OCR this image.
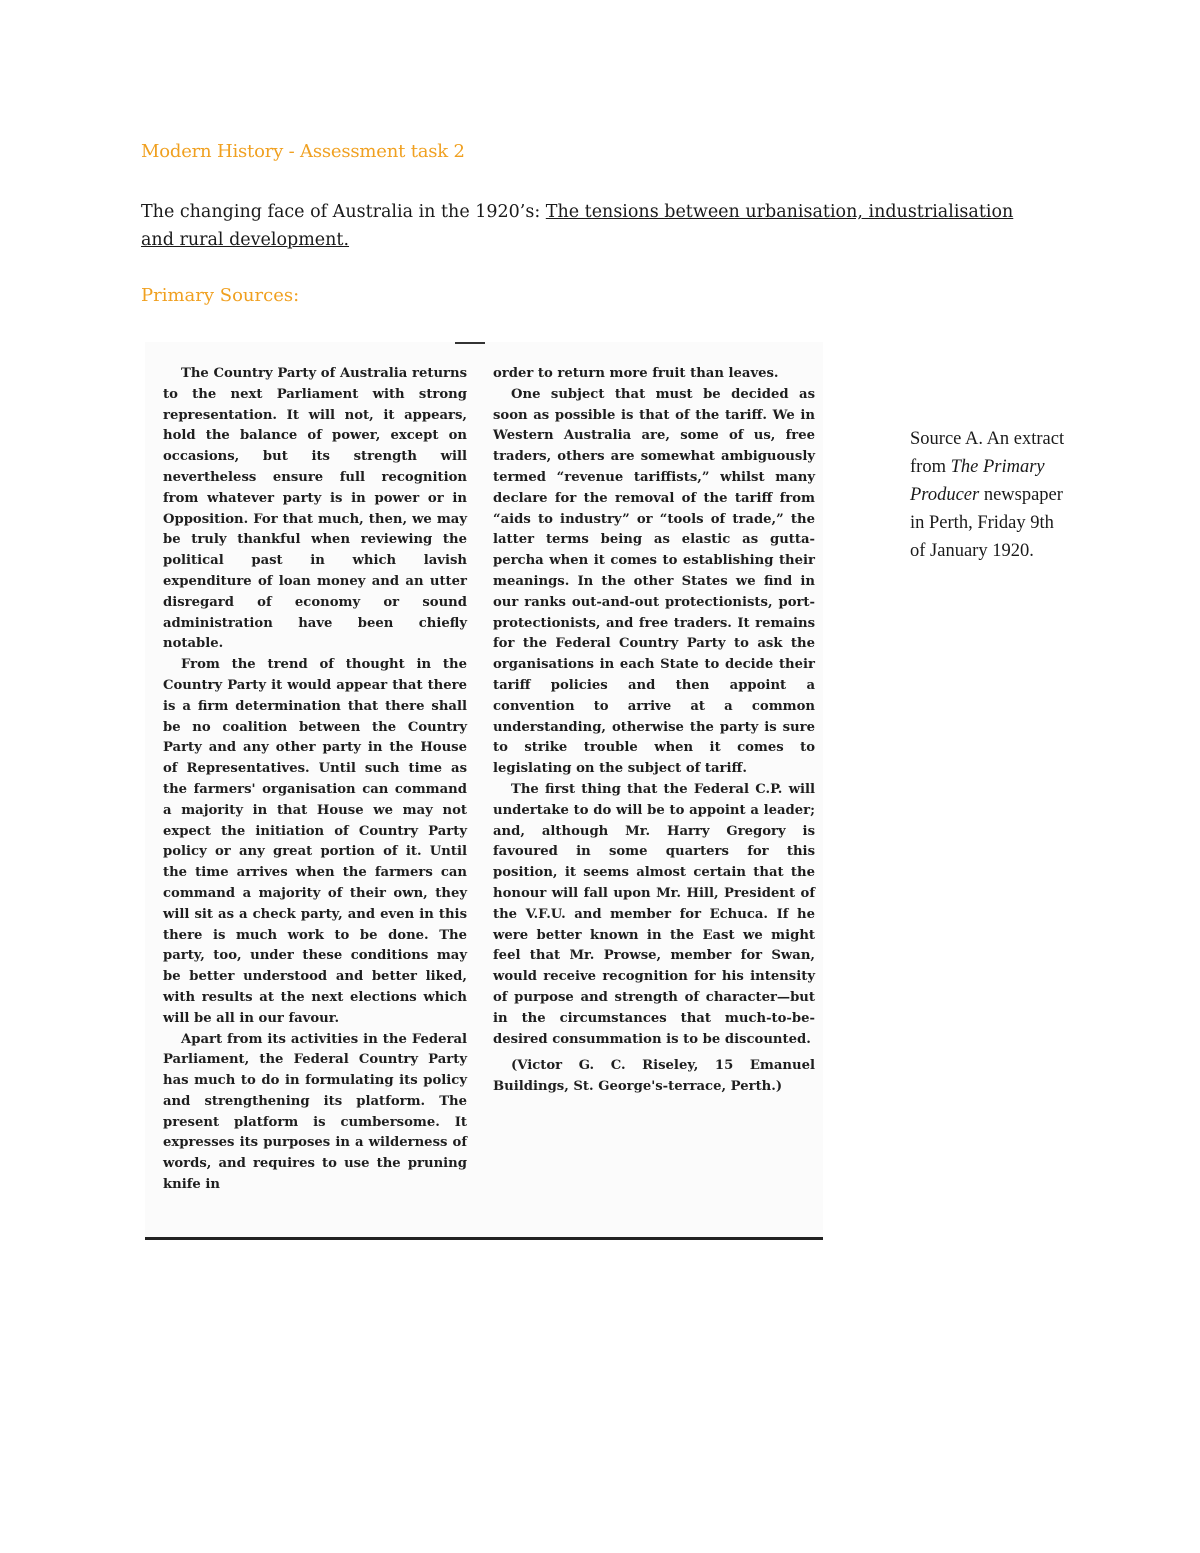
Modern History - Assessment task 2
The changing face of Australia in the 1920’s: The tensions between urbanisation, industrialisation and rural development.
Primary Sources:

The Country Party of Australia returns to the next Parliament with strong representation. It will not, it appears, hold the balance of power, except on occasions, but its strength will nevertheless ensure full recognition from whatever party is in power or in Opposition. For that much, then, we may be truly thankful when reviewing the political past in which lavish expenditure of loan money and an utter disregard of economy or sound administration have been chiefly notable.

From the trend of thought in the Country Party it would appear that there is a firm determination that there shall be no coalition between the Country Party and any other party in the House of Representatives. Until such time as the farmers' organisation can command a majority in that House we may not expect the initiation of Country Party policy or any great portion of it. Until the time arrives when the farmers can command a majority of their own, they will sit as a check party, and even in this there is much work to be done. The party, too, under these conditions may be better understood and better liked, with results at the next elections which will be all in our favour.

Apart from its activities in the Federal Parliament, the Federal Country Party has much to do in formulating its policy and strengthening its platform. The present platform is cumbersome. It expresses its purposes in a wilderness of words, and requires to use the pruning knife in

order to return more fruit than leaves.

One subject that must be decided as soon as possible is that of the tariff. We in Western Australia are, some of us, free traders, others are somewhat ambiguously termed “revenue tariffists,” whilst many declare for the removal of the tariff from “aids to industry” or “tools of trade,” the latter terms being as elastic as gutta-percha when it comes to establishing their meanings. In the other States we find in our ranks out-and-out protectionists, port-protectionists, and free traders. It remains for the Federal Country Party to ask the organisations in each State to decide their tariff policies and then appoint a convention to arrive at a common understanding, otherwise the party is sure to strike trouble when it comes to legislating on the subject of tariff.

The first thing that the Federal C.P. will undertake to do will be to appoint a leader; and, although Mr. Harry Gregory is favoured in some quarters for this position, it seems almost certain that the honour will fall upon Mr. Hill, President of the V.F.U. and member for Echuca. If he were better known in the East we might feel that Mr. Prowse, member for Swan, would receive recognition for his intensity of purpose and strength of character—but in the circumstances that much-to-be-desired consummation is to be discounted.

(Victor G. C. Riseley, 15 Emanuel Buildings, St. George's-terrace, Perth.)

Source A. An extract from The Primary Producer newspaper in Perth, Friday 9th of January 1920.
